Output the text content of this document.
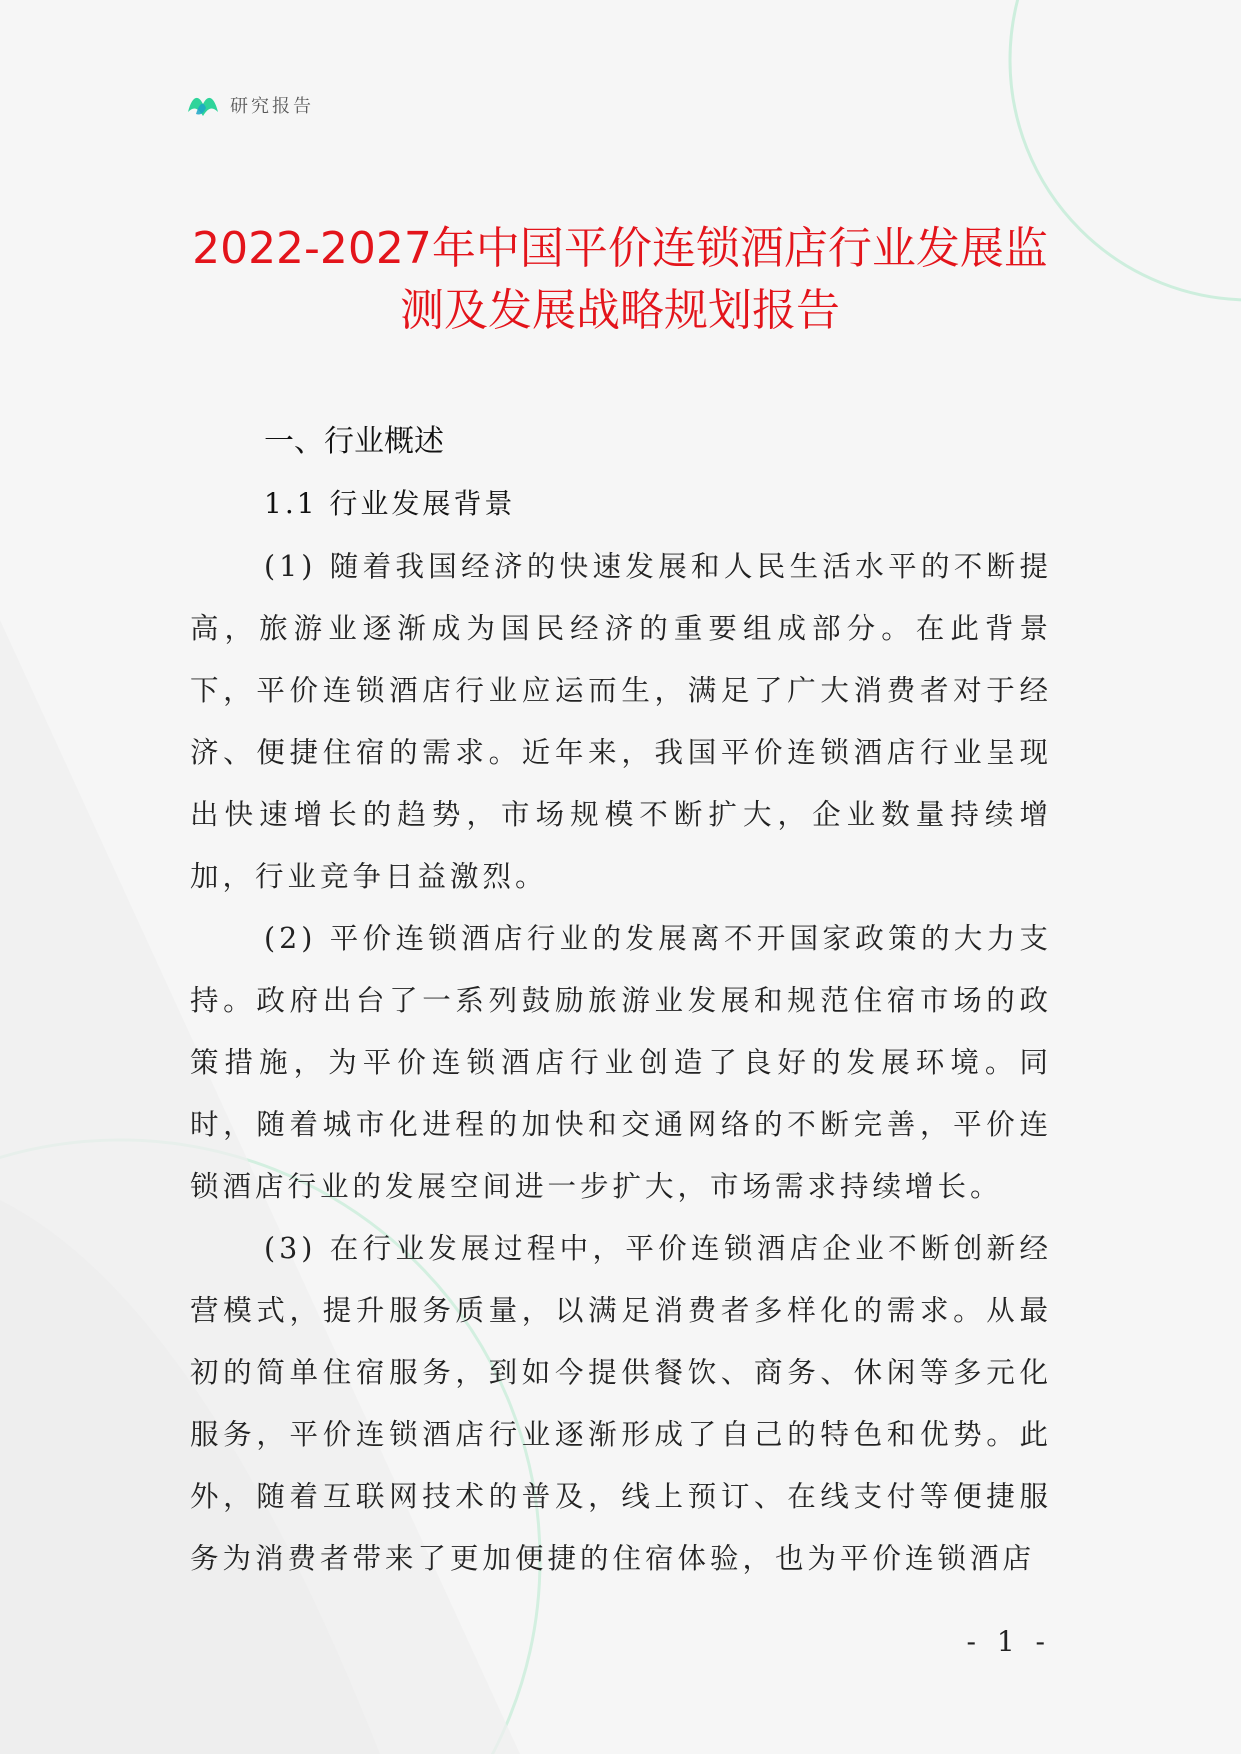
研究报告
2022-2027年中国平价连锁酒店行业发展监
测及发展战略规划报告

一、行业概述

1.1 行业发展背景

(1) 随着我国经济的快速发展和人民生活水平的不断提高，旅游业逐渐成为国民经济的重要组成部分。在此背景下，平价连锁酒店行业应运而生，满足了广大消费者对于经济、便捷住宿的需求。近年来，我国平价连锁酒店行业呈现出快速增长的趋势，市场规模不断扩大，企业数量持续增加，行业竞争日益激烈。

(2) 平价连锁酒店行业的发展离不开国家政策的大力支持。政府出台了一系列鼓励旅游业发展和规范住宿市场的政策措施，为平价连锁酒店行业创造了良好的发展环境。同时，随着城市化进程的加快和交通网络的不断完善，平价连锁酒店行业的发展空间进一步扩大，市场需求持续增长。

(3) 在行业发展过程中，平价连锁酒店企业不断创新经营模式，提升服务质量，以满足消费者多样化的需求。从最初的简单住宿服务，到如今提供餐饮、商务、休闲等多元化服务，平价连锁酒店行业逐渐形成了自己的特色和优势。此外，随着互联网技术的普及，线上预订、在线支付等便捷服务为消费者带来了更加便捷的住宿体验，也为平价连锁酒店

- 1 -
